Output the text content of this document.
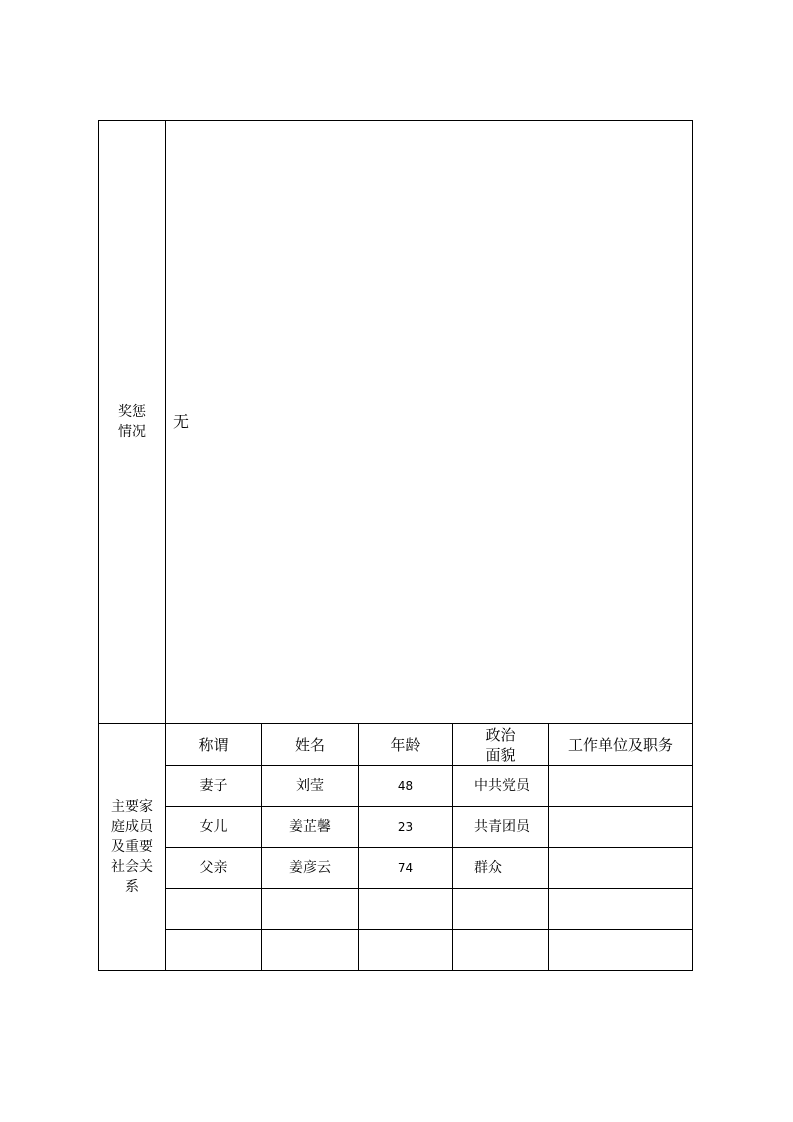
奖惩
情况	无				

主要家
庭成员
及重要
社会关
系	称谓	姓名	年龄	政治
面貌	工作单位及职务
	妻子	刘莹	48	中共党员	
	女儿	姜芷馨	23	共青团员	
	父亲	姜彦云	74	群众	
